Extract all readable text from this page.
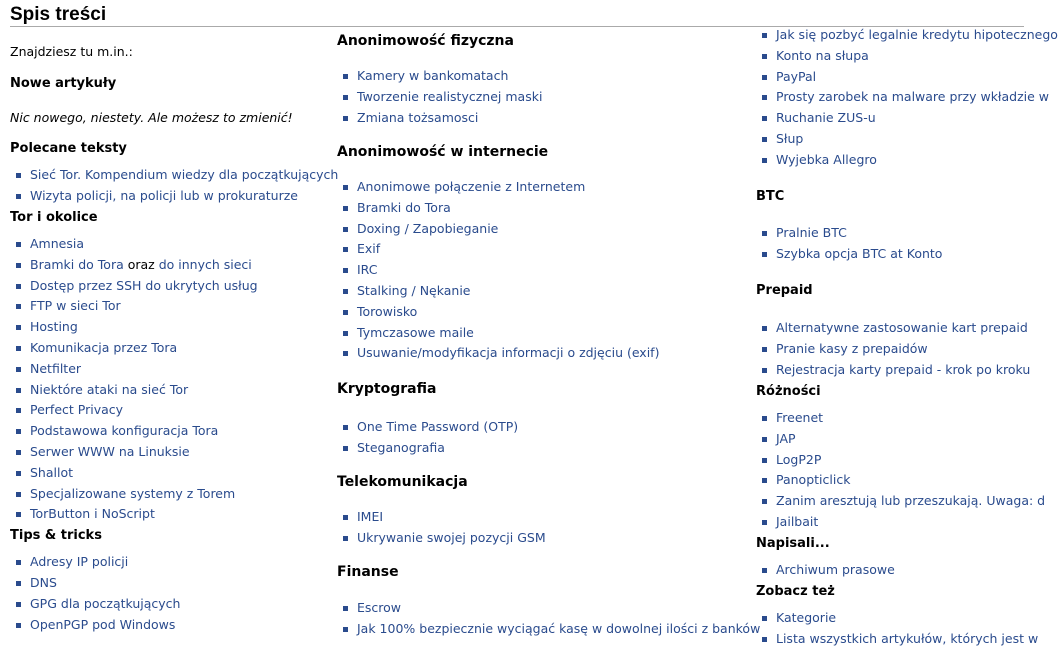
Spis treści
Znajdziesz tu m.in.:
Nowe artykuły
Nic nowego, niestety. Ale możesz to zmienić!
Polecane teksty
Sieć Tor. Kompendium wiedzy dla początkujących
Wizyta policji, na policji lub w prokuraturze
Tor i okolice
Amnesia
Bramki do Tora oraz do innych sieci
Dostęp przez SSH do ukrytych usług
FTP w sieci Tor
Hosting
Komunikacja przez Tora
Netfilter
Niektóre ataki na sieć Tor
Perfect Privacy
Podstawowa konfiguracja Tora
Serwer WWW na Linuksie
Shallot
Specjalizowane systemy z Torem
TorButton i NoScript
Tips & tricks
Adresy IP policji
DNS
GPG dla początkujących
OpenPGP pod Windows
Anonimowość fizyczna
Kamery w bankomatach
Tworzenie realistycznej maski
Zmiana tożsamosci
Anonimowość w internecie
Anonimowe połączenie z Internetem
Bramki do Tora
Doxing / Zapobieganie
Exif
IRC
Stalking / Nękanie
Torowisko
Tymczasowe maile
Usuwanie/modyfikacja informacji o zdjęciu (exif)
Kryptografia
One Time Password (OTP)
Steganografia
Telekomunikacja
IMEI
Ukrywanie swojej pozycji GSM
Finanse
Escrow
Jak 100% bezpiecznie wyciągać kasę w dowolnej ilości z banków
Jak się pozbyć legalnie kredytu hipotecznego
Konto na słupa
PayPal
Prosty zarobek na malware przy wkładzie w
Ruchanie ZUS-u
Słup
Wyjebka Allegro
BTC
Pralnie BTC
Szybka opcja BTC at Konto
Prepaid
Alternatywne zastosowanie kart prepaid
Pranie kasy z prepaidów
Rejestracja karty prepaid - krok po kroku
Różności
Freenet
JAP
LogP2P
Panopticlick
Zanim aresztują lub przeszukają. Uwaga: d
Jailbait
Napisali...
Archiwum prasowe
Zobacz też
Kategorie
Lista wszystkich artykułów, których jest w
